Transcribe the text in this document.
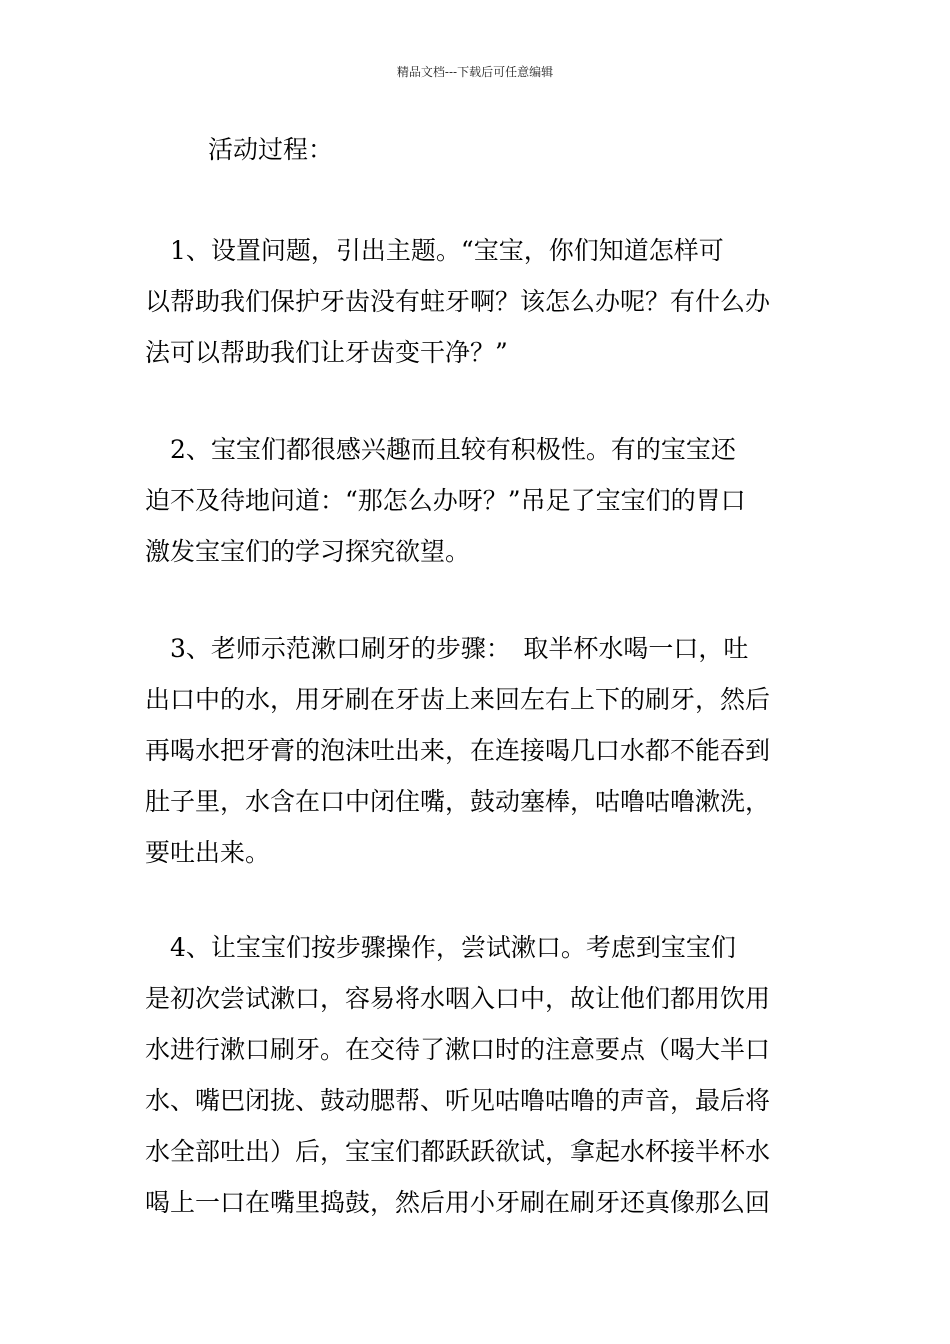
精品文档---下载后可任意编辑
活动过程：
　1、设置问题，引出主题。“宝宝，你们知道怎样可
以帮助我们保护牙齿没有蛀牙啊？该怎么办呢？有什么办
法可以帮助我们让牙齿变干净？”
　2、宝宝们都很感兴趣而且较有积极性。有的宝宝还
迫不及待地问道：“那怎么办呀？”吊足了宝宝们的胃口
激发宝宝们的学习探究欲望。
　3、老师示范漱口刷牙的步骤：　取半杯水喝一口，吐
出口中的水，用牙刷在牙齿上来回左右上下的刷牙，然后
再喝水把牙膏的泡沫吐出来，在连接喝几口水都不能吞到
肚子里，水含在口中闭住嘴，鼓动塞棒，咕噜咕噜漱洗，
要吐出来。
　4、让宝宝们按步骤操作，尝试漱口。考虑到宝宝们
是初次尝试漱口，容易将水咽入口中，故让他们都用饮用
水进行漱口刷牙。在交待了漱口时的注意要点（喝大半口
水、嘴巴闭拢、鼓动腮帮、听见咕噜咕噜的声音，最后将
水全部吐出）后，宝宝们都跃跃欲试，拿起水杯接半杯水
喝上一口在嘴里捣鼓，然后用小牙刷在刷牙还真像那么回
